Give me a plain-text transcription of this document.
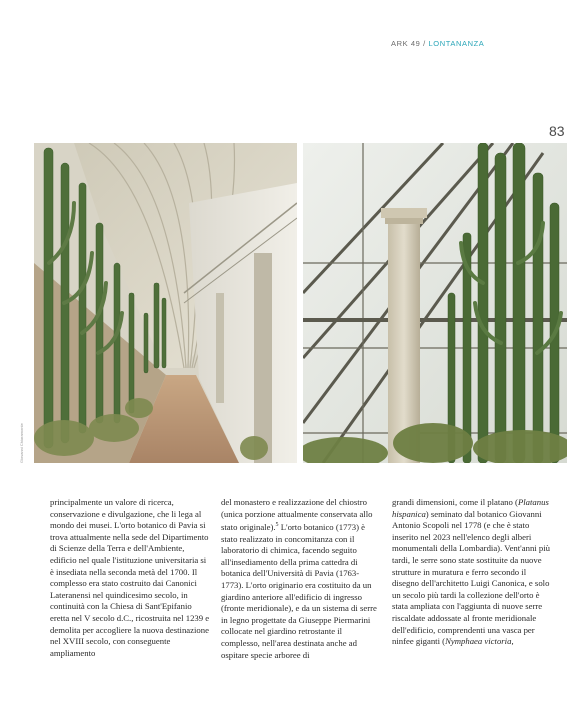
ARK 49 / LONTANANZA
83
Giovanni Chiaramonte

principalmente un valore di ricerca, conservazione e divulgazione, che li lega al mondo dei musei. L'orto botanico di Pavia si trova attualmente nella sede del Dipartimento di Scienze della Terra e dell'Ambiente, edificio nel quale l'istituzione universitaria si è insediata nella seconda metà del 1700. Il complesso era stato costruito dai Canonici Lateranensi nel quindicesimo secolo, in continuità con la Chiesa di Sant'Epifanio eretta nel V secolo d.C., ricostruita nel 1239 e demolita per accogliere la nuova destinazione nel XVIII secolo, con conseguente ampliamento

del monastero e realizzazione del chiostro (unica porzione attualmente conservata allo stato originale).$^5$ L'orto botanico (1773) è stato realizzato in concomitanza con il laboratorio di chimica, facendo seguito all'insediamento della prima cattedra di botanica dell'Università di Pavia (1763-1773). L'orto originario era costituito da un giardino anteriore all'edificio di ingresso (fronte meridionale), e da un sistema di serre in legno progettate da Giuseppe Piermarini collocate nel giardino retrostante il complesso, nell'area destinata anche ad ospitare specie arboree di

grandi dimensioni, come il platano (Platanus hispanica) seminato dal botanico Giovanni Antonio Scopoli nel 1778 (e che è stato inserito nel 2023 nell'elenco degli alberi monumentali della Lombardia). Vent'anni più tardi, le serre sono state sostituite da nuove strutture in muratura e ferro secondo il disegno dell'architetto Luigi Canonica, e solo un secolo più tardi la collezione dell'orto è stata ampliata con l'aggiunta di nuove serre riscaldate addossate al fronte meridionale dell'edificio, comprendenti una vasca per ninfee giganti (Nymphaea victoria,
